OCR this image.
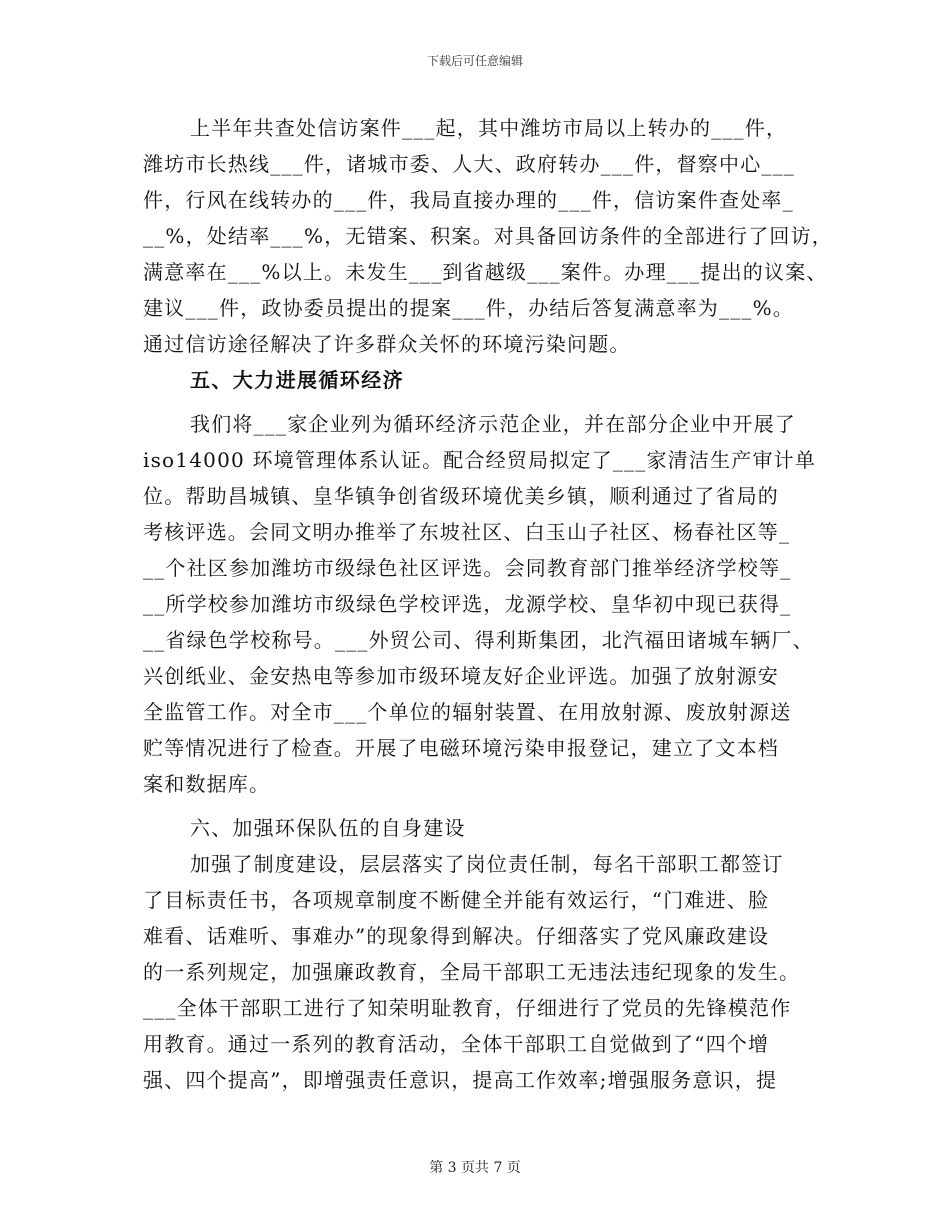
下载后可任意编辑
上半年共查处信访案件___起，其中潍坊市局以上转办的___件，
潍坊市长热线___件，诸城市委、人大、政府转办___件，督察中心___
件，行风在线转办的___件，我局直接办理的___件，信访案件查处率_
__%，处结率___%，无错案、积案。对具备回访条件的全部进行了回访，
满意率在___%以上。未发生___到省越级___案件。办理___提出的议案、
建议___件，政协委员提出的提案___件，办结后答复满意率为___%。
通过信访途径解决了许多群众关怀的环境污染问题。
五、大力进展循环经济
我们将___家企业列为循环经济示范企业，并在部分企业中开展了
iso14000 环境管理体系认证。配合经贸局拟定了___家清洁生产审计单
位。帮助昌城镇、皇华镇争创省级环境优美乡镇，顺利通过了省局的
考核评选。会同文明办推举了东坡社区、白玉山子社区、杨春社区等_
__个社区参加潍坊市级绿色社区评选。会同教育部门推举经济学校等_
__所学校参加潍坊市级绿色学校评选，龙源学校、皇华初中现已获得_
__省绿色学校称号。___外贸公司、得利斯集团，北汽福田诸城车辆厂、
兴创纸业、金安热电等参加市级环境友好企业评选。加强了放射源安
全监管工作。对全市___个单位的辐射装置、在用放射源、废放射源送
贮等情况进行了检查。开展了电磁环境污染申报登记，建立了文本档
案和数据库。
六、加强环保队伍的自身建设
加强了制度建设，层层落实了岗位责任制，每名干部职工都签订
了目标责任书，各项规章制度不断健全并能有效运行，“门难进、脸
难看、话难听、事难办”的现象得到解决。仔细落实了党风廉政建设
的一系列规定，加强廉政教育，全局干部职工无违法违纪现象的发生。
___全体干部职工进行了知荣明耻教育，仔细进行了党员的先锋模范作
用教育。通过一系列的教育活动，全体干部职工自觉做到了“四个增
强、四个提高”，即增强责任意识，提高工作效率;增强服务意识，提
第 3 页共 7 页
